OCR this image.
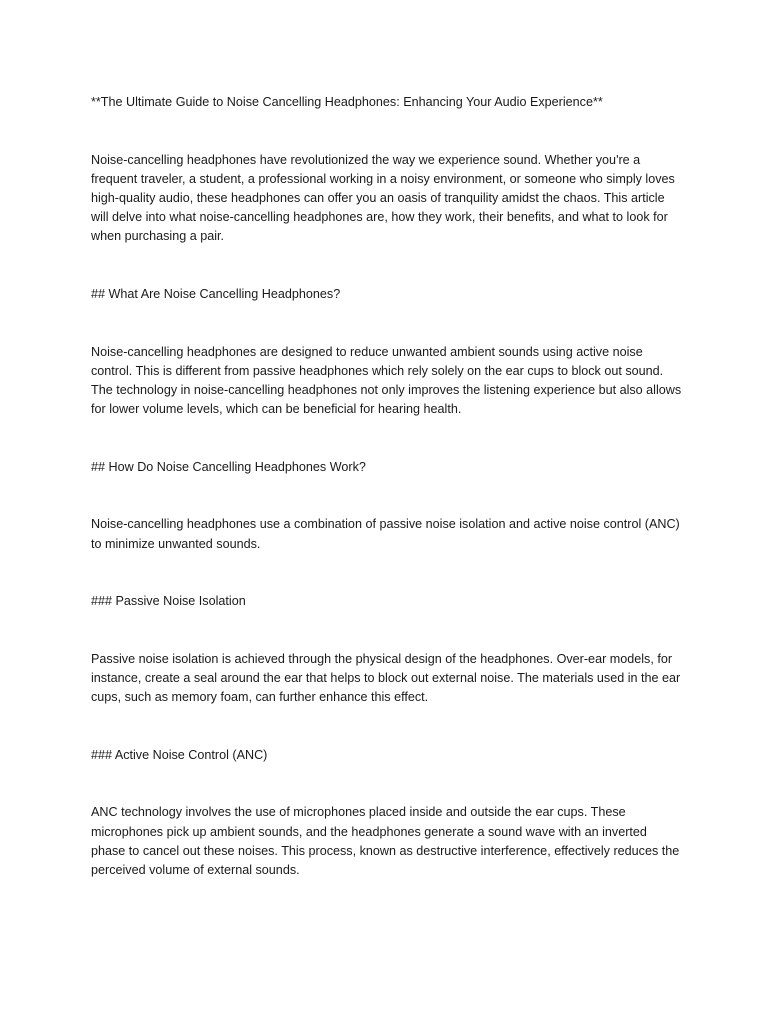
**The Ultimate Guide to Noise Cancelling Headphones: Enhancing Your Audio Experience**

Noise-cancelling headphones have revolutionized the way we experience sound. Whether you're a frequent traveler, a student, a professional working in a noisy environment, or someone who simply loves high-quality audio, these headphones can offer you an oasis of tranquility amidst the chaos. This article will delve into what noise-cancelling headphones are, how they work, their benefits, and what to look for when purchasing a pair.

## What Are Noise Cancelling Headphones?

Noise-cancelling headphones are designed to reduce unwanted ambient sounds using active noise control. This is different from passive headphones which rely solely on the ear cups to block out sound. The technology in noise-cancelling headphones not only improves the listening experience but also allows for lower volume levels, which can be beneficial for hearing health.

## How Do Noise Cancelling Headphones Work?

Noise-cancelling headphones use a combination of passive noise isolation and active noise control (ANC) to minimize unwanted sounds.

### Passive Noise Isolation

Passive noise isolation is achieved through the physical design of the headphones. Over-ear models, for instance, create a seal around the ear that helps to block out external noise. The materials used in the ear cups, such as memory foam, can further enhance this effect.

### Active Noise Control (ANC)

ANC technology involves the use of microphones placed inside and outside the ear cups. These microphones pick up ambient sounds, and the headphones generate a sound wave with an inverted phase to cancel out these noises. This process, known as destructive interference, effectively reduces the perceived volume of external sounds.
